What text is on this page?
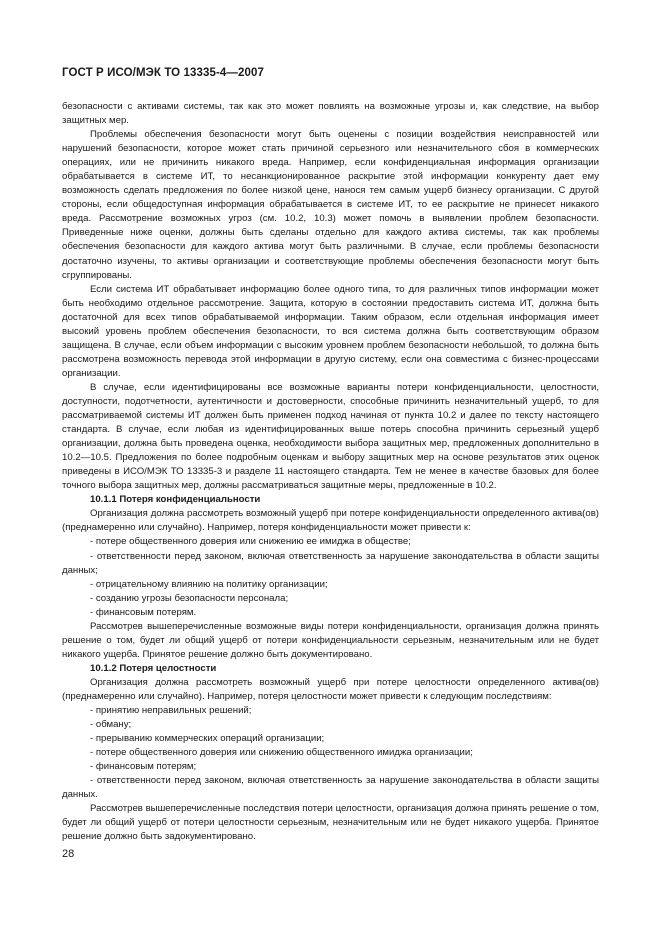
ГОСТ Р ИСО/МЭК ТО 13335-4—2007

безопасности с активами системы, так как это может повлиять на возможные угрозы и, как следствие, на выбор защитных мер.

Проблемы обеспечения безопасности могут быть оценены с позиции воздействия неисправностей или нарушений безопасности, которое может стать причиной серьезного или незначительного сбоя в коммерческих операциях, или не причинить никакого вреда. Например, если конфиденциальная информация организации обрабатывается в системе ИТ, то несанкционированное раскрытие этой информации конкуренту дает ему возможность сделать предложения по более низкой цене, нанося тем самым ущерб бизнесу организации. С другой стороны, если общедоступная информация обрабатывается в системе ИТ, то ее раскрытие не принесет никакого вреда. Рассмотрение возможных угроз (см. 10.2, 10.3) может помочь в выявлении проблем безопасности. Приведенные ниже оценки, должны быть сделаны отдельно для каждого актива системы, так как проблемы обеспечения безопасности для каждого актива могут быть различными. В случае, если проблемы безопасности достаточно изучены, то активы организации и соответствующие проблемы обеспечения безопасности могут быть сгруппированы.

Если система ИТ обрабатывает информацию более одного типа, то для различных типов информации может быть необходимо отдельное рассмотрение. Защита, которую в состоянии предоставить система ИТ, должна быть достаточной для всех типов обрабатываемой информации. Таким образом, если отдельная информация имеет высокий уровень проблем обеспечения безопасности, то вся система должна быть соответствующим образом защищена. В случае, если объем информации с высоким уровнем проблем безопасности небольшой, то должна быть рассмотрена возможность перевода этой информации в другую систему, если она совместима с бизнес-процессами организации.

В случае, если идентифицированы все возможные варианты потери конфиденциальности, целостности, доступности, подотчетности, аутентичности и достоверности, способные причинить незначительный ущерб, то для рассматриваемой системы ИТ должен быть применен подход начиная от пункта 10.2 и далее по тексту настоящего стандарта. В случае, если любая из идентифицированных выше потерь способна причинить серьезный ущерб организации, должна быть проведена оценка, необходимости выбора защитных мер, предложенных дополнительно в 10.2—10.5. Предложения по более подробным оценкам и выбору защитных мер на основе результатов этих оценок приведены в ИСО/МЭК ТО 13335-3 и разделе 11 настоящего стандарта. Тем не менее в качестве базовых для более точного выбора защитных мер, должны рассматриваться защитные меры, предложенные в 10.2.

10.1.1 Потеря конфиденциальности

Организация должна рассмотреть возможный ущерб при потере конфиденциальности определенного актива(ов) (преднамеренно или случайно). Например, потеря конфиденциальности может привести к:

- потере общественного доверия или снижению ее имиджа в обществе;

- ответственности перед законом, включая ответственность за нарушение законодательства в области защиты данных;

- отрицательному влиянию на политику организации;

- созданию угрозы безопасности персонала;

- финансовым потерям.

Рассмотрев вышеперечисленные возможные виды потери конфиденциальности, организация должна принять решение о том, будет ли общий ущерб от потери конфиденциальности серьезным, незначительным или не будет никакого ущерба. Принятое решение должно быть документировано.

10.1.2 Потеря целостности

Организация должна рассмотреть возможный ущерб при потере целостности определенного актива(ов) (преднамеренно или случайно). Например, потеря целостности может привести к следующим последствиям:

- принятию неправильных решений;

- обману;

- прерыванию коммерческих операций организации;

- потере общественного доверия или снижению общественного имиджа организации;

- финансовым потерям;

- ответственности перед законом, включая ответственность за нарушение законодательства в области защиты данных.

Рассмотрев вышеперечисленные последствия потери целостности, организация должна принять решение о том, будет ли общий ущерб от потери целостности серьезным, незначительным или не будет никакого ущерба. Принятое решение должно быть задокументировано.

28
